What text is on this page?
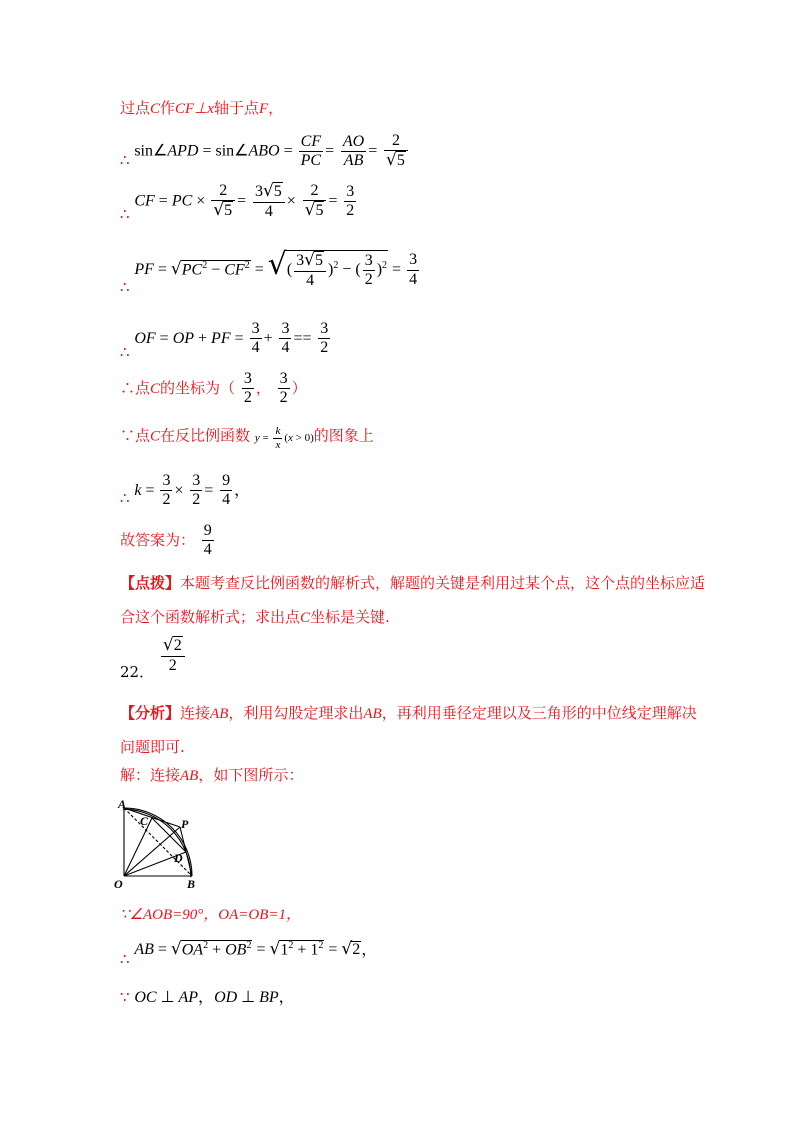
过点C作CF⊥x轴于点F，
∴ sin∠APD = sin∠ABO = $\frac{CF}{PC} = \frac{AO}{AB} = \frac{2}{√5}$
∴ CF = PC × $\frac{2}{√5} = \frac{3√5}{4} \times \frac{2}{√5} = \frac{3}{2}$
∴ PF = $√PC^2 - CF^2$ = √( $\frac{3√5}{4} )^2$ − ( $\frac{3}{2} )^2 = \frac{3}{4}$
∴ OF = OP + PF = $\frac{3}{4} + \frac{3}{4} == \frac{3}{2}$
∴点C的坐标为（ $\frac{3}{2}$ ， $\frac{3}{2}$ ）
∵点C在反比例函数 $y = \frac{k}{x} (x > 0)$的图象上
∴ $k = \frac{3}{2} \times \frac{3}{2} = \frac{9}{4}$ ，
故答案为： $\frac{9}{4}$
【点拨】本题考查反比例函数的解析式，解题的关键是利用过某个点，这个点的坐标应适
合这个函数解析式；求出点C坐标是关键.
22． $\frac{√2}{2}$
【分析】连接AB，利用勾股定理求出AB，再利用垂径定理以及三角形的中位线定理解决
问题即可.
解：连接AB，如下图所示：
A
C	P
D
O	B
∵∠AOB=90°，OA=OB=1，
∴ AB = $√OA^2 + OB^2 = √1^2 + 1^2 = √2$，
∵ OC ⊥ AP，OD ⊥ BP，
